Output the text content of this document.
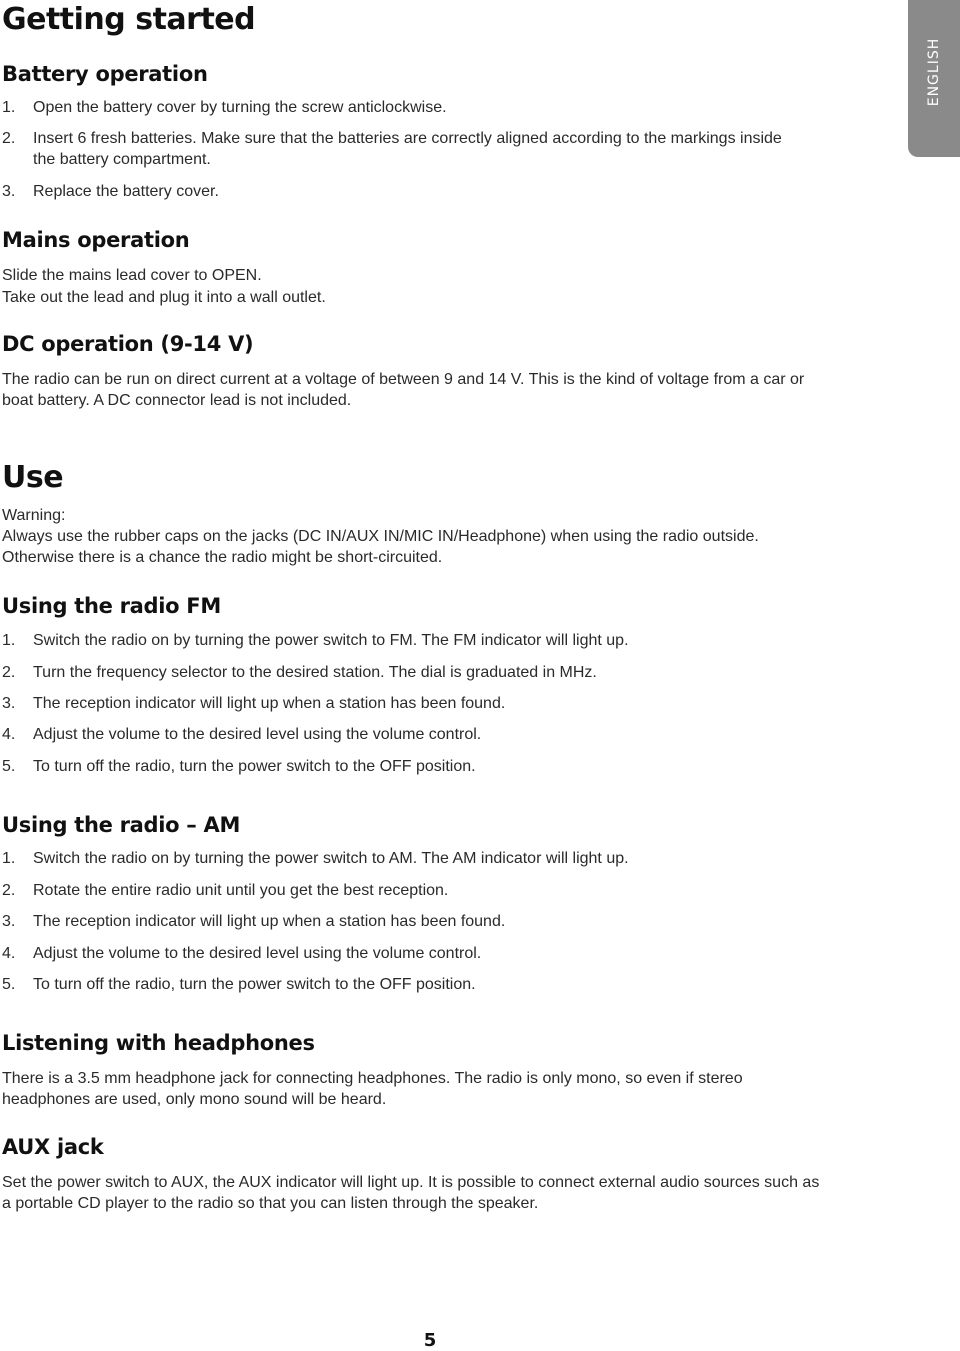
ENGLISH
Getting started
Battery operation
1.	Open the battery cover by turning the screw anticlockwise.
2.	Insert 6 fresh batteries. Make sure that the batteries are correctly aligned according to the markings inside the battery compartment.
3.	Replace the battery cover.
Mains operation

Slide the mains lead cover to OPEN.

Take out the lead and plug it into a wall outlet.

DC operation (9-14 V)

The radio can be run on direct current at a voltage of between 9 and 14 V. This is the kind of voltage from a car or boat battery. A DC connector lead is not included.

Use

Warning:

Always use the rubber caps on the jacks (DC IN/AUX IN/MIC IN/Headphone) when using the radio outside. Otherwise there is a chance the radio might be short-circuited.

Using the radio FM
1.	Switch the radio on by turning the power switch to FM. The FM indicator will light up.
2.	Turn the frequency selector to the desired station. The dial is graduated in MHz.
3.	The reception indicator will light up when a station has been found.
4.	Adjust the volume to the desired level using the volume control.
5.	To turn off the radio, turn the power switch to the OFF position.
Using the radio – AM
1.	Switch the radio on by turning the power switch to AM. The AM indicator will light up.
2.	Rotate the entire radio unit until you get the best reception.
3.	The reception indicator will light up when a station has been found.
4.	Adjust the volume to the desired level using the volume control.
5.	To turn off the radio, turn the power switch to the OFF position.
Listening with headphones

There is a 3.5 mm headphone jack for connecting headphones. The radio is only mono, so even if stereo headphones are used, only mono sound will be heard.

AUX jack

Set the power switch to AUX, the AUX indicator will light up. It is possible to connect external audio sources such as a portable CD player to the radio so that you can listen through the speaker.

5
